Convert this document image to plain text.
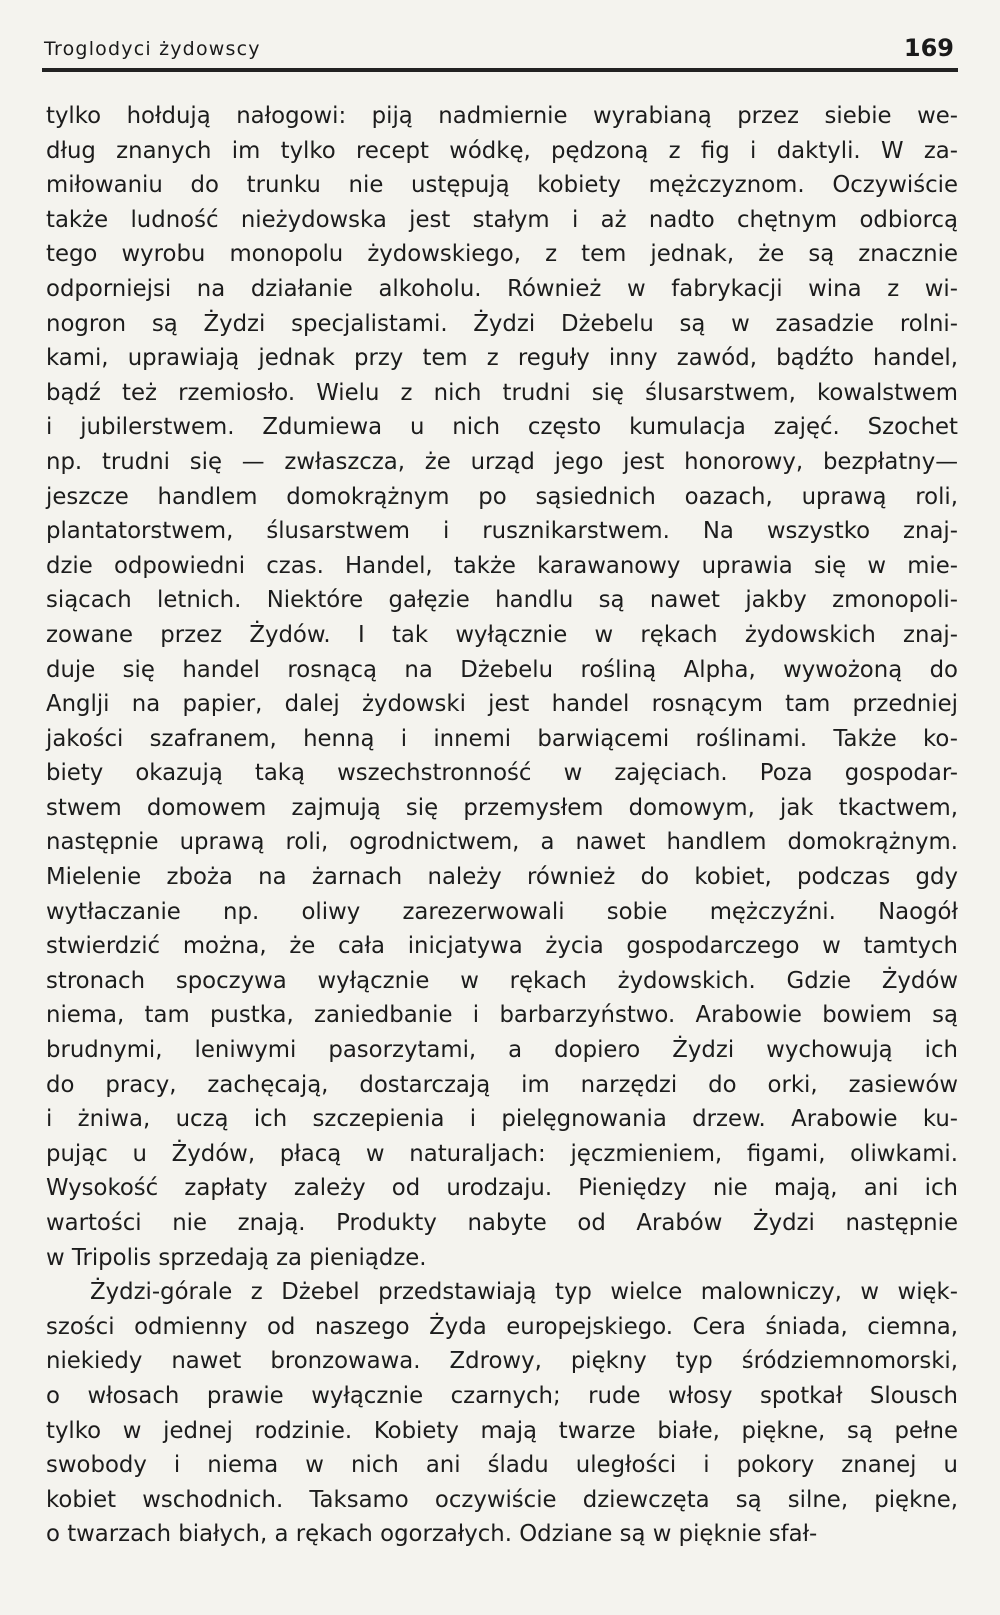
Troglodyci żydowscy	169
tylko hołdują nałogowi: piją nadmiernie wyrabianą przez siebie we-
dług znanych im tylko recept wódkę, pędzoną z fig i daktyli. W za-
miłowaniu do trunku nie ustępują kobiety mężczyznom. Oczywiście
także ludność nieżydowska jest stałym i aż nadto chętnym odbiorcą
tego wyrobu monopolu żydowskiego, z tem jednak, że są znacznie
odporniejsi na działanie alkoholu. Również w fabrykacji wina z wi-
nogron są Żydzi specjalistami. Żydzi Dżebelu są w zasadzie rolni-
kami, uprawiają jednak przy tem z reguły inny zawód, bądźto handel,
bądź też rzemiosło. Wielu z nich trudni się ślusarstwem, kowalstwem
i jubilerstwem. Zdumiewa u nich często kumulacja zajęć. Szochet
np. trudni się — zwłaszcza, że urząd jego jest honorowy, bezpłatny—
jeszcze handlem domokrążnym po sąsiednich oazach, uprawą roli,
plantatorstwem, ślusarstwem i rusznikarstwem. Na wszystko znaj-
dzie odpowiedni czas. Handel, także karawanowy uprawia się w mie-
siącach letnich. Niektóre gałęzie handlu są nawet jakby zmonopoli-
zowane przez Żydów. I tak wyłącznie w rękach żydowskich znaj-
duje się handel rosnącą na Dżebelu rośliną Alpha, wywożoną do
Anglji na papier, dalej żydowski jest handel rosnącym tam przedniej
jakości szafranem, henną i innemi barwiącemi roślinami. Także ko-
biety okazują taką wszechstronność w zajęciach. Poza gospodar-
stwem domowem zajmują się przemysłem domowym, jak tkactwem,
następnie uprawą roli, ogrodnictwem, a nawet handlem domokrążnym.
Mielenie zboża na żarnach należy również do kobiet, podczas gdy
wytłaczanie np. oliwy zarezerwowali sobie mężczyźni. Naogół
stwierdzić można, że cała inicjatywa życia gospodarczego w tamtych
stronach spoczywa wyłącznie w rękach żydowskich. Gdzie Żydów
niema, tam pustka, zaniedbanie i barbarzyństwo. Arabowie bowiem są
brudnymi, leniwymi pasorzytami, a dopiero Żydzi wychowują ich
do pracy, zachęcają, dostarczają im narzędzi do orki, zasiewów
i żniwa, uczą ich szczepienia i pielęgnowania drzew. Arabowie ku-
pując u Żydów, płacą w naturaljach: jęczmieniem, figami, oliwkami.
Wysokość zapłaty zależy od urodzaju. Pieniędzy nie mają, ani ich
wartości nie znają. Produkty nabyte od Arabów Żydzi następnie
w Tripolis sprzedają za pieniądze.
Żydzi-górale z Dżebel przedstawiają typ wielce malowniczy, w więk-
szości odmienny od naszego Żyda europejskiego. Cera śniada, ciemna,
niekiedy nawet bronzowawa. Zdrowy, piękny typ śródziemnomorski,
o włosach prawie wyłącznie czarnych; rude włosy spotkał Slousch
tylko w jednej rodzinie. Kobiety mają twarze białe, piękne, są pełne
swobody i niema w nich ani śladu uległości i pokory znanej u
kobiet wschodnich. Taksamo oczywiście dziewczęta są silne, piękne,
o twarzach białych, a rękach ogorzałych. Odziane są w pięknie sfał-
